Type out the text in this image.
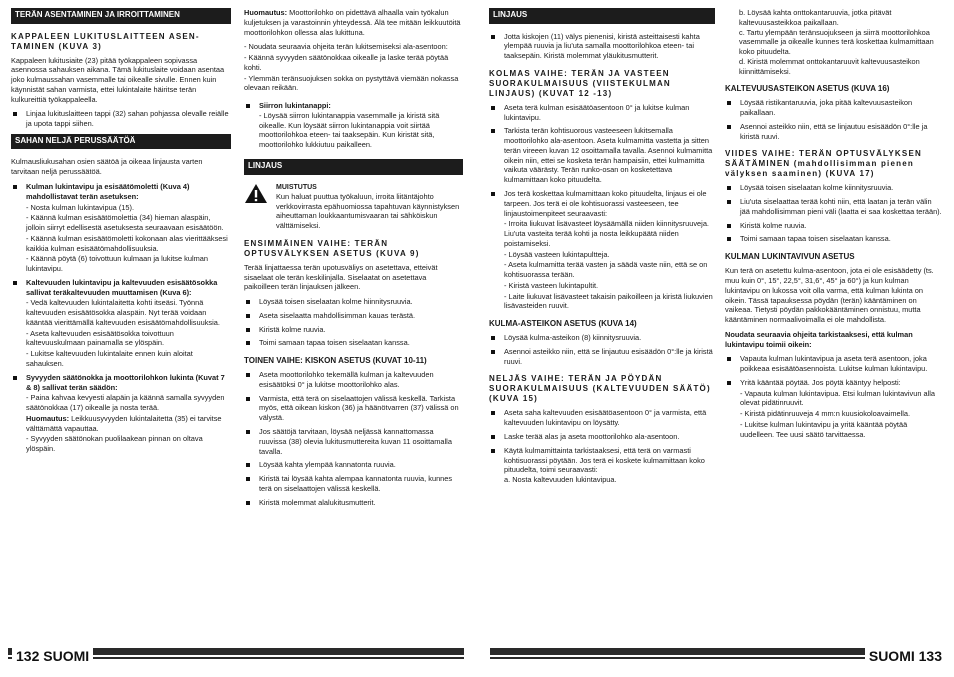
TERÄN ASENTAMINEN JA IRROITTAMINEN
KAPPALEEN LUKITUSLAITTEEN ASEN-TAMINEN (KUVA 3)

Kappaleen lukitusiaite (23) pitää työkappaleen sopivassa asennossa sahauksen aikana. Tämä lukituslaite voidaan asentaa joko kulmaussahan vasemmalle tai oikealle sivulle. Ennen kuin käynnistät sahan varmista, ettei lukintalaite häiritse terän kulkureittiä työkappaleella.

Linjaa lukituslaitteen tappi (32) sahan pohjassa olevalle reiälle ja upota tappi siihen.
SAHAN NELJÄ PERUSSÄÄTÖÄ

Kulmausliukusahan osien säätöä ja oikeaa linjausta varten tarvitaan neljä perussäätöä.

Kulman lukintavipu ja esisäätömoletti (Kuva 4) mahdollistavat terän asetuksen:
- Nosta kulman lukintavipua (15).
- Käännä kulman esisäätömolettia (34) hieman alaspäin, jolloin siirryt edellisestä asetuksesta seuraavaan esisäätöön.
- Käännä kulman esisäätömoletti kokonaan alas vierittääksesi kaikkia kulman esisäätömahdollisuuksia.
- Käännä pöytä (6) toivottuun kulmaan ja lukitse kulman lukintavipu.
Kaltevuuden lukintavipu ja kaltevuuden esisäätösokka sallivat teräkaltevuuden muuttamisen (Kuva 6):
- Vedä kaltevuuden lukintalaitetta kohti itseäsi. Työnnä kaltevuuden esisäätösokka alaspäin. Nyt terää voidaan kääntää vierittämällä kaltevuuden esisäätömahdollisuuksia.
- Aseta kaltevuuden esisäätösokka toivottuun kaltevuuskulmaan painamalla se ylöspäin.
- Lukitse kaltevuuden lukintalaite ennen kuin aloitat sahauksen.
Syvyyden säätönokka ja moottorilohkon lukinta (Kuvat 7 & 8) sallivat terän säädön:
- Paina kahvaa kevyesti alapäin ja käännä samalla syvyyden säätönokkaa (17) oikealle ja nosta terää.
Huomautus: Leikkuusyvyyden lukintalaitetta (35) ei tarvitse välttämättä vapauttaa.
- Syvyyden säätönokan puolilaakean pinnan on oltava ylöspäin.

Huomautus: Moottorilohko on pidettävä alhaalla vain työkalun kuljetuksen ja varastoinnin yhteydessä. Älä tee mitään leikkuutöitä moottorilohkon ollessa alas lukittuna.

- Noudata seuraavia ohjeita terän lukitsemiseksi ala-asentoon:
- Käännä syvyyden säätönokkaa oikealle ja laske terää pöytää kohti.
- Ylemmän teränsuojuksen sokka on pystyttävä viemään nokassa olevaan reikään.
Siirron lukintanappi:
- Löysää siirron lukintanappia vasemmalle ja kiristä sitä oikealle. Kun löysäät siirron lukintanappia voit siirtää moottorilohkoa eteen- tai taaksepäin. Kun kiristät sitä, moottorilohko lukkiutuu paikalleen.
LINJAUS
MUISTUTUS
Kun haluat puuttua työkaluun, irroita liitäntäjohto verkkovirrasta epähuomiossa tapahtuvan käynnistyksen aiheuttaman loukkaantumisvaaran tai sähköiskun välttämiseksi.
ENSIMMÄINEN VAIHE: TERÄN OPTUSVÄLYKSEN ASETUS (KUVA 9)

Terää linjattaessa terän upotusväliys on asetettava, etteivät sisaelaat ole terän keskilinjalla. Siselaatat on asetettava paikoilleen terän linjauksen jälkeen.

Löysää toisen siselaatan kolme hiinnitysruuvia.
Aseta siselaatta mahdollisimman kauas terästä.
Kiristä kolme ruuvia.
Toimi samaan tapaa toisen siselaatan kanssa.
TOINEN VAIHE: KISKON ASETUS (KUVAT 10-11)
Aseta moottorilohko tekemällä kulman ja kaltevuuden esisäätöksi 0° ja lukitse moottorilohko alas.
Varmista, että terä on siselaattojen välissä keskellä. Tarkista myös, että oikean kiskon (36) ja häänötvarren (37) välissä on välystä.
Jos säätöjä tarvitaan, löysää neljässä kannattomassa ruuvissa (38) olevia lukitusmuttereita kuvan 11 osoittamalla tavalla.
Löysää kahta ylempää kannatonta ruuvia.
Kiristä tai löysää kahta alempaa kannatonta ruuvia, kunnes terä on siselaattojen välissä keskellä.
Kiristä molemmat alalukitusmutterit.
LINJAUS
Jotta kiskojen (11) välys pienenisi, kiristä asteittaisesti kahta ylempää ruuvia ja liu'uta samalla moottorilohkoa eteen- tai taaksepäin. Kiristä molemmat yläukitusmutterit.
KOLMAS VAIHE: TERÄN JA VASTEEN SUORAKULMAISUUS (VIISTEKULMAN LINJAUS) (KUVAT 12 -13)
Aseta terä kulman esisäätöasentoon 0° ja lukitse kulman lukintavipu.
Tarkista terän kohtisuorous vasteeseen lukitsemalla moottorilohko ala-asentoon. Aseta kulmamitta vastetta ja sitten terän vireeen kuvan 12 osoittamalla tavalla. Asennoi kulmamitta oikein niin, ettei se kosketa terän hampaisiin, ettei kulmamitta vaikuta väärästy. Terän runko-osan on kosketettava kulmamittaan koko pituudelta.
Jos terä koskettaa kulmamittaan koko pituudelta, linjaus ei ole tarpeen. Jos terä ei ole kohtisuorassi vasteeseen, tee linjaustoimenpiteet seuraavasti:
- Irroita liukuvat lisävasteet löysäämällä niiden kiinnitysruuveja. Liu'uta vasteita terää kohti ja nosta leikkupäätä niiden poistamiseksi.
- Löysää vasteen lukintapultteja.
- Aseta kulmamitta terää vasten ja säädä vaste niin, että se on kohtisuorassa terään.
- Kiristä vasteen lukintapultit.
- Laite liukuvat lisävasteet takaisin paikoilleen ja kiristä liukuvien lisävasteiden ruuvit.
KULMA-ASTEIKON ASETUS (KUVA 14)
Löysää kulma-asteikon (8) kiinnitysruuvia.
Asennoi asteikko niin, että se linjautuu esisäädön 0°:lle ja kiristä ruuvi.
NELJÄS VAIHE: TERÄN JA PÖYDÄN SUORAKULMAISUUS (KALTEVUUDEN SÄÄTÖ) (KUVA 15)
Aseta saha kaltevuuden esisäätöasentoon 0° ja varmista, että kaltevuuden lukintavipu on löysätty.
Laske terää alas ja aseta moottorilohko ala-asentoon.
Käytä kulmamittainta tarkistaaksesi, että terä on varmasti kohtisuorassi pöytään. Jos terä ei koskete kulmamittaan koko pituudelta, toimi seuraavasti:
a. Nosta kaltevuuden lukintavipua.
b. Löysää kahta onttokantaruuvia, jotka pitävät kaltevuusasteikkoa paikallaan.
c. Tartu ylempään teränsuojukseen ja siirrä moottorilohkoa vasemmalle ja oikealle kunnes terä koskettaa kulmamittaan koko pituudelta.
d. Kiristä molemmat onttokantaruuvit kaltevuusasteikon kiinnittämiseksi.
KALTEVUUSASTEIKON ASETUS (KUVA 16)
Löysää ristikantaruuvia, joka pitää kaltevuusasteikon paikallaan.
Asennoi asteikko niin, että se linjautuu esisäädön 0°:lle ja kiristä ruuvi.
VIIDES VAIHE: TERÄN OPTUSVÄLYKSEN SÄÄTÄMINEN (mahdollisimman pienen välyksen saaminen) (KUVA 17)
Löysää toisen siselaatan kolme kiinnitysruuvia.
Liu'uta siselaattaa terää kohti niin, että laatan ja terän välin jää mahdollisimman pieni väli (laatta ei saa koskettaa terään).
Kiristä kolme ruuvia.
Toimi samaan tapaa toisen siselaatan kanssa.
KULMAN LUKINTAVIVUN ASETUS

Kun terä on asetettu kulma-asentoon, jota ei ole esisäädetty (ts. muu kuin 0°, 15°, 22,5°, 31,6°, 45° ja 60°) ja kun kulman lukintavipu on lukossa voit olla varma, että kulman lukinta on oikein. Tässä tapauksessa pöydän (terän) kääntäminen on vaikeaa. Tietysti pöydän pakkokääntäminen onnistuu, mutta kääntäminen normaalivoimalla ei ole mahdollista.

Noudata seuraavia ohjeita tarkistaaksesi, että kulman lukintavipu toimii oikein:

Vapauta kulman lukintavipua ja aseta terä asentoon, joka poikkeaa esisäätöasennoista. Lukitse kulman lukintavipu.
Yritä kääntää pöytää. Jos pöytä kääntyy helposti:
- Vapauta kulman lukintavipua. Etsi kulman lukintavivun alla olevat pidätinruuvit.
- Kiristä pidätinruuveja 4 mm:n kuusiokoloavaimella.
- Lukitse kulman lukintavipu ja yritä kääntää pöytää uudelleen. Tee uusi säätö tarvittaessa.
132 SUOMI	SUOMI 133
